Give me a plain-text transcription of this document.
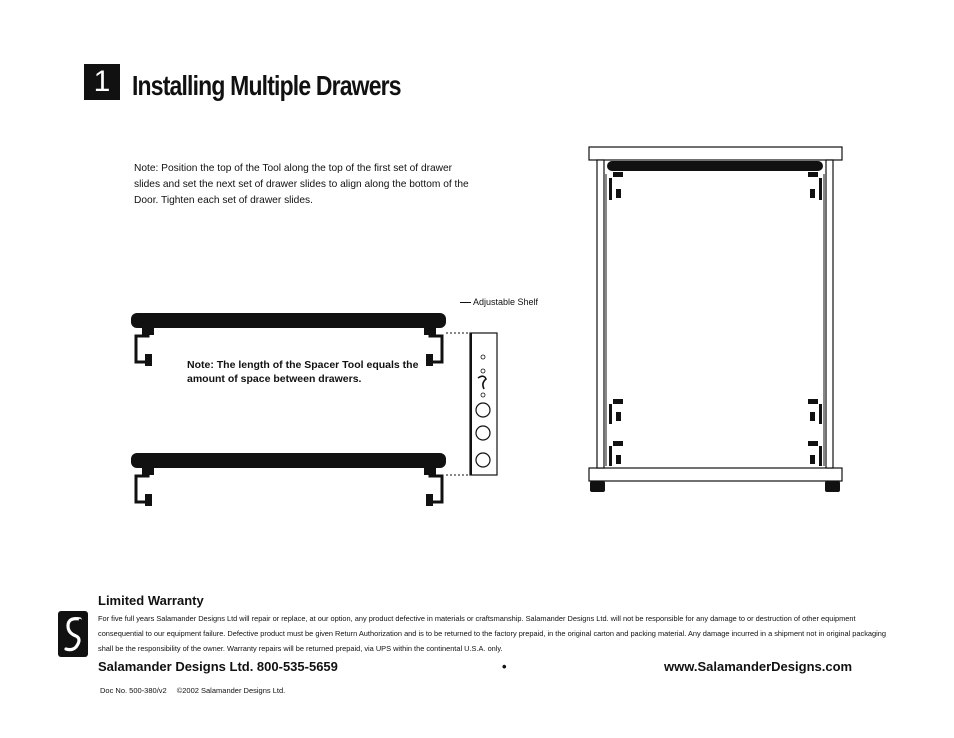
1 Installing Multiple Drawers
Note: Position the top of the Tool along the top of the first set of drawer slides and set the next set of drawer slides to align along the bottom of the Door. Tighten each set of drawer slides.
Adjustable Shelf
Note: The length of the Spacer Tool equals the amount of space between drawers.
Limited Warranty

For five full years Salamander Designs Ltd will repair or replace, at our option, any product defective in materials or craftsmanship. Salamander Designs Ltd. will not be responsible for any damage to or destruction of other equipment consequential to our equipment failure. Defective product must be given Return Authorization and is to be returned to the factory prepaid, in the original carton and packing material. Any damage incurred in a shipment not in original packaging shall be the responsibility of the owner. Warranty repairs will be returned prepaid, via UPS within the continental U.S.A. only.

Salamander Designs Ltd. 800-535-5659	•	www.SalamanderDesigns.com
Doc No. 500-380/v2 ©2002 Salamander Designs Ltd.
